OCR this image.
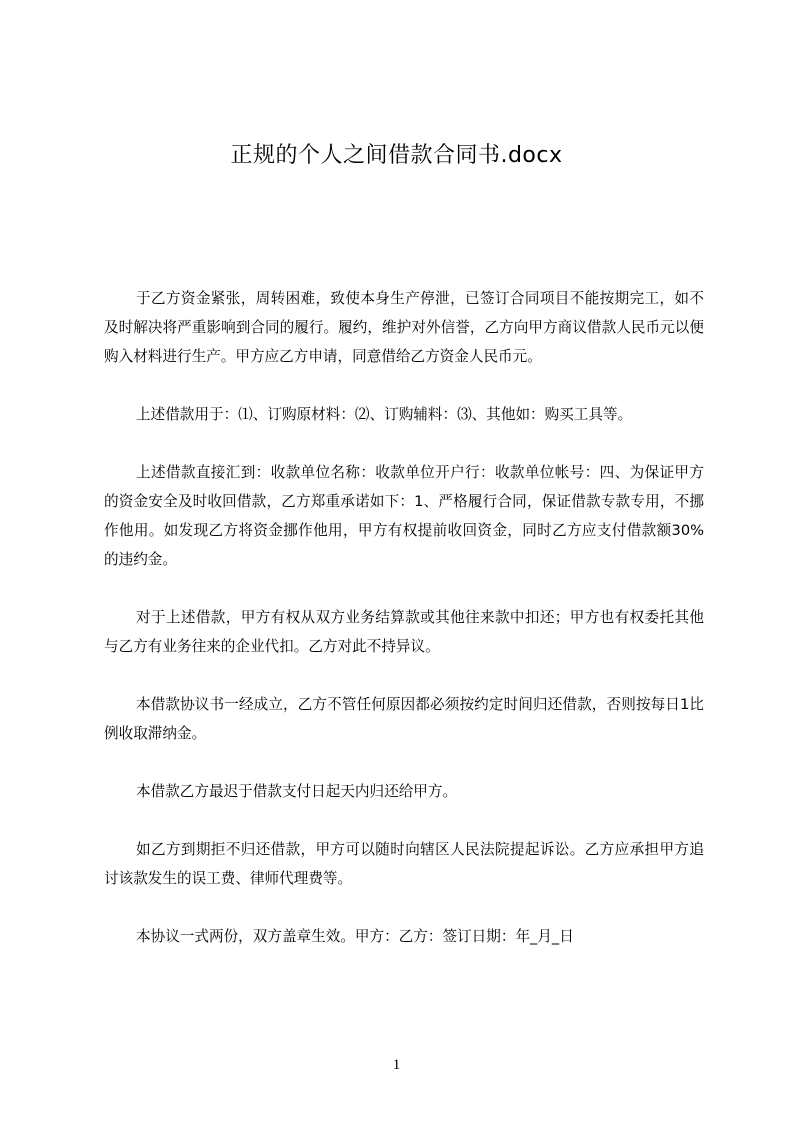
正规的个人之间借款合同书.docx

于乙方资金紧张，周转困难，致使本身生产停泄，已签订合同项目不能按期完工，如不及时解决将严重影响到合同的履行。履约，维护对外信誉，乙方向甲方商议借款人民币元以便购入材料进行生产。甲方应乙方申请，同意借给乙方资金人民币元。

上述借款用于：⑴、订购原材料：⑵、订购辅料：⑶、其他如：购买工具等。

上述借款直接汇到：收款单位名称：收款单位开户行：收款单位帐号：四、为保证甲方的资金安全及时收回借款，乙方郑重承诺如下：1、严格履行合同，保证借款专款专用，不挪作他用。如发现乙方将资金挪作他用，甲方有权提前收回资金，同时乙方应支付借款额30%的违约金。

对于上述借款，甲方有权从双方业务结算款或其他往来款中扣还；甲方也有权委托其他与乙方有业务往来的企业代扣。乙方对此不持异议。

本借款协议书一经成立，乙方不管任何原因都必须按约定时间归还借款，否则按每日1比例收取滞纳金。

本借款乙方最迟于借款支付日起天内归还给甲方。

如乙方到期拒不归还借款，甲方可以随时向辖区人民法院提起诉讼。乙方应承担甲方追讨该款发生的误工费、律师代理费等。

本协议一式两份，双方盖章生效。甲方：乙方：签订日期：年_月_日

1
